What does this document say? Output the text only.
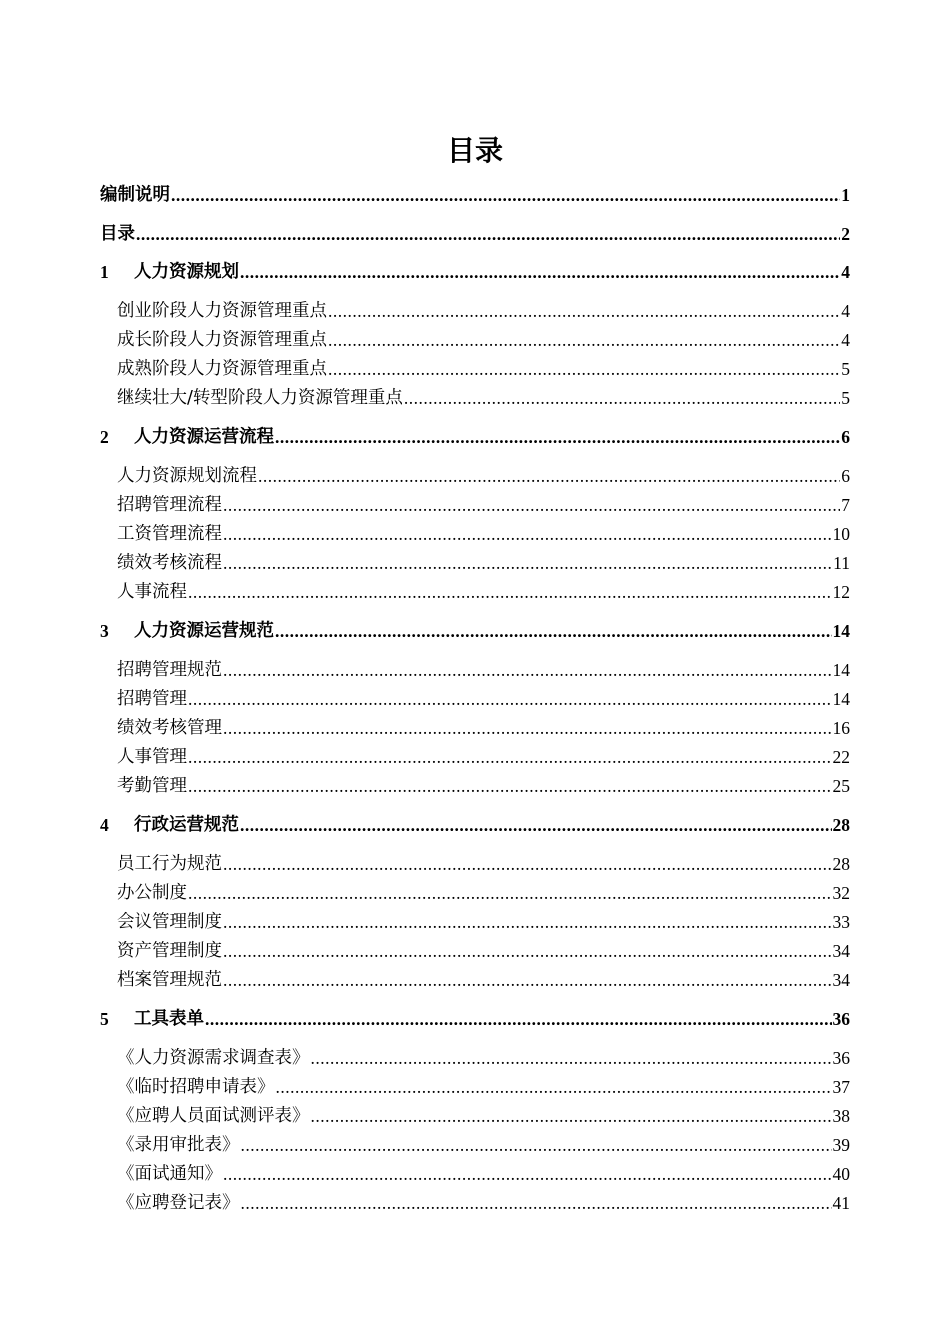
目录
编制说明 .....	1
目录 .....	2
1	人力资源规划 .....	4
创业阶段人力资源管理重点 .....	4
成长阶段人力资源管理重点 .....	4
成熟阶段人力资源管理重点 .....	5
继续壮大/转型阶段人力资源管理重点 .....	5
2	人力资源运营流程 .....	6
人力资源规划流程 .....	6
招聘管理流程 .....	7
工资管理流程 .....	10
绩效考核流程 .....	11
人事流程 .....	12
3	人力资源运营规范 .....	14
招聘管理规范 .....	14
招聘管理 .....	14
绩效考核管理 .....	16
人事管理 .....	22
考勤管理 .....	25
4	行政运营规范 .....	28
员工行为规范 .....	28
办公制度 .....	32
会议管理制度 .....	33
资产管理制度 .....	34
档案管理规范 .....	34
5	工具表单 .....	36
《人力资源需求调查表》 .....	36
《临时招聘申请表》 .....	37
《应聘人员面试测评表》 .....	38
《录用审批表》 .....	39
《面试通知》 .....	40
《应聘登记表》 .....	41
